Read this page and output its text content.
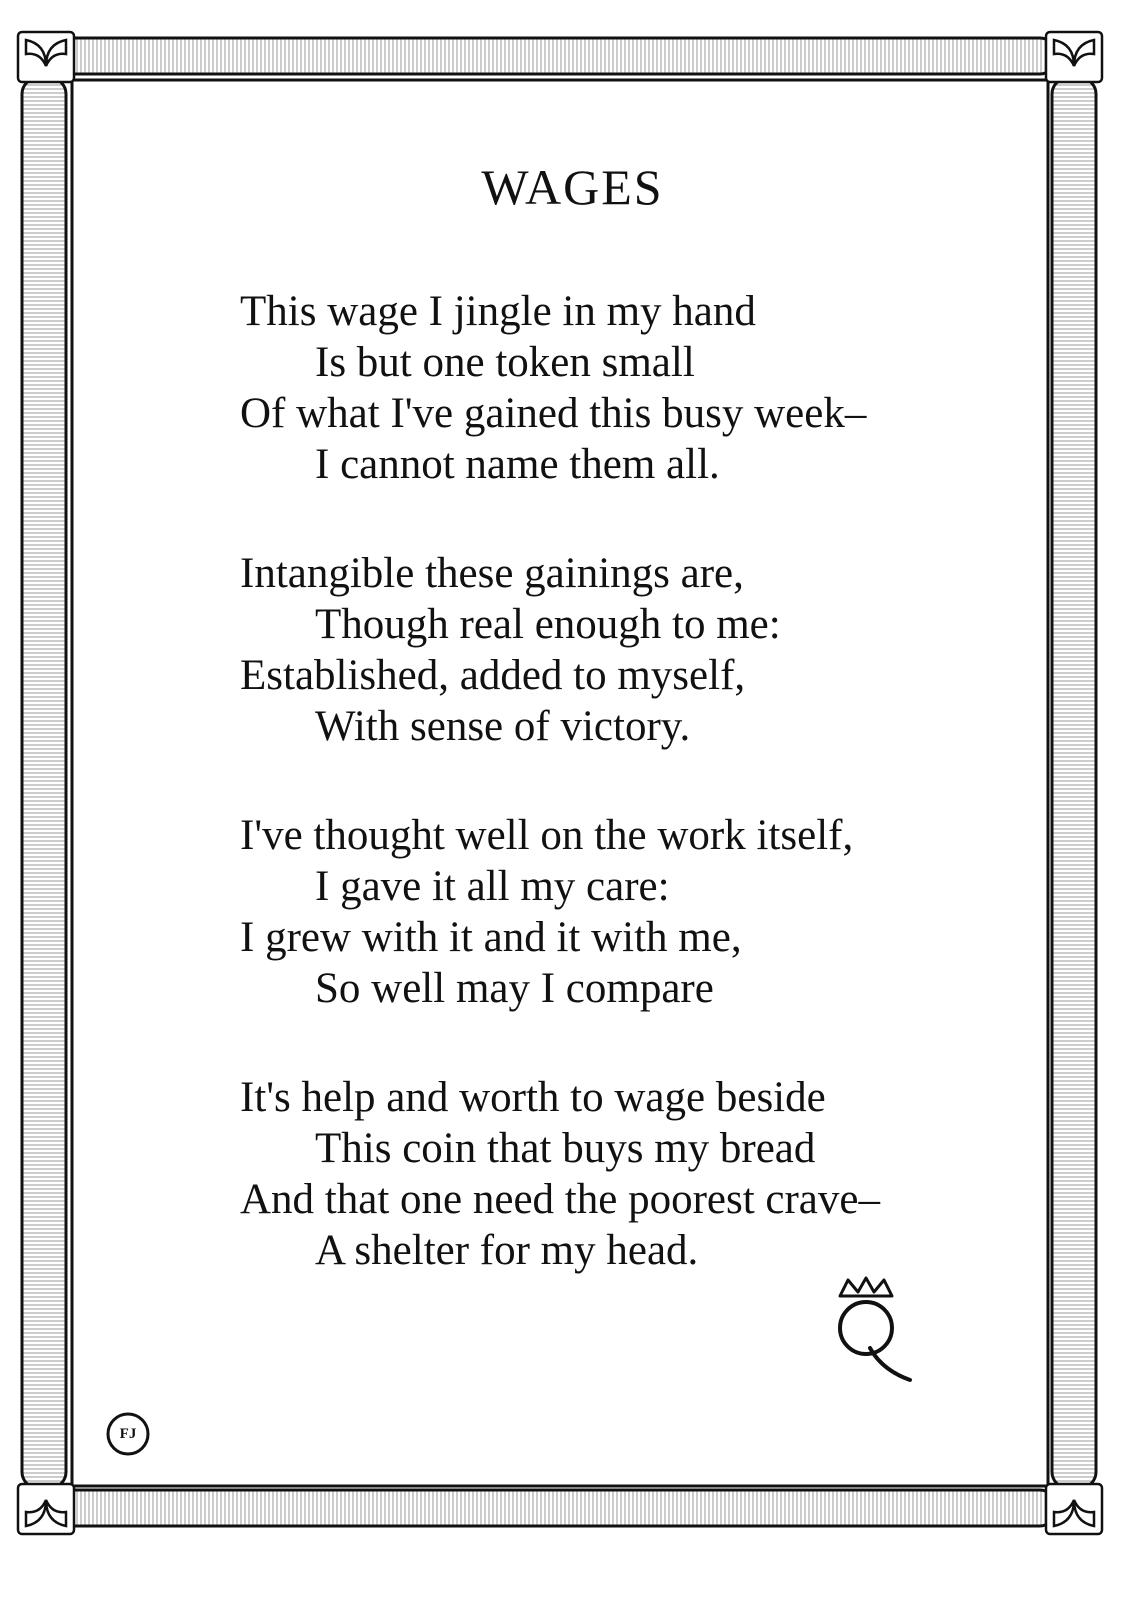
WAGES
This wage I jingle in my hand
Is but one token small
Of what I've gained this busy week–
I cannot name them all.
Intangible these gainings are,
Though real enough to me:
Established, added to myself,
With sense of victory.
I've thought well on the work itself,
I gave it all my care:
I grew with it and it with me,
So well may I compare
It's help and worth to wage beside
This coin that buys my bread
And that one need the poorest crave–
A shelter for my head.
FJ
